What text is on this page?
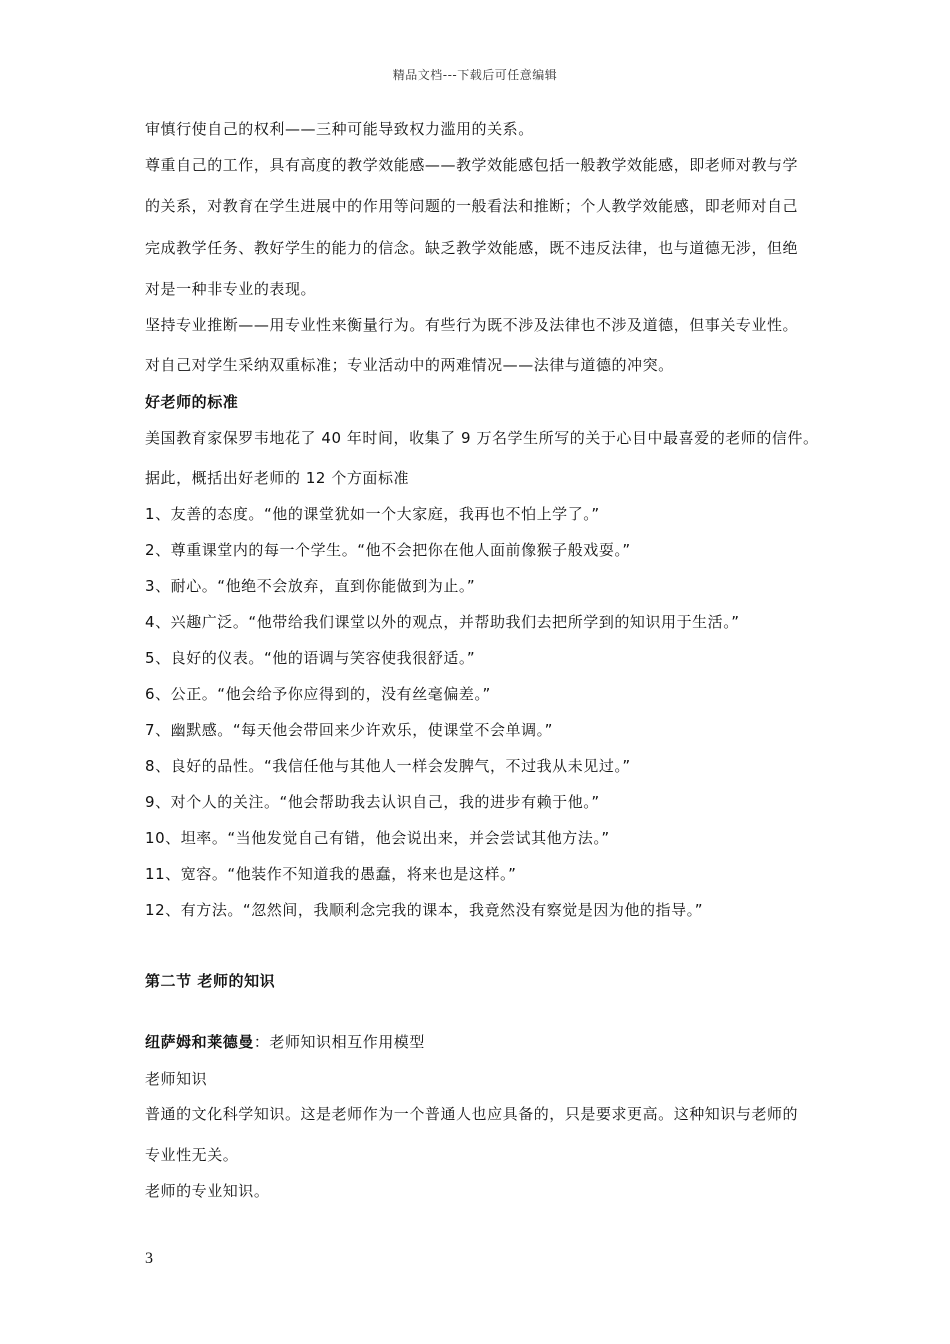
精品文档---下载后可任意编辑
审慎行使自己的权利——三种可能导致权力滥用的关系。
尊重自己的工作，具有高度的教学效能感——教学效能感包括一般教学效能感，即老师对教与学
的关系，对教育在学生进展中的作用等问题的一般看法和推断；个人教学效能感，即老师对自己
完成教学任务、教好学生的能力的信念。缺乏教学效能感，既不违反法律，也与道德无涉，但绝
对是一种非专业的表现。
坚持专业推断——用专业性来衡量行为。有些行为既不涉及法律也不涉及道德，但事关专业性。
对自己对学生采纳双重标准；专业活动中的两难情况——法律与道德的冲突。
好老师的标准
美国教育家保罗韦地花了 40 年时间，收集了 9 万名学生所写的关于心目中最喜爱的老师的信件。
据此，概括出好老师的 12 个方面标准
1、友善的态度。“他的课堂犹如一个大家庭，我再也不怕上学了。”
2、尊重课堂内的每一个学生。“他不会把你在他人面前像猴子般戏耍。”
3、耐心。“他绝不会放弃，直到你能做到为止。”
4、兴趣广泛。“他带给我们课堂以外的观点，并帮助我们去把所学到的知识用于生活。”
5、良好的仪表。“他的语调与笑容使我很舒适。”
6、公正。“他会给予你应得到的，没有丝毫偏差。”
7、幽默感。“每天他会带回来少许欢乐，使课堂不会单调。”
8、良好的品性。“我信任他与其他人一样会发脾气，不过我从未见过。”
9、对个人的关注。“他会帮助我去认识自己，我的进步有赖于他。”
10、坦率。“当他发觉自己有错，他会说出来，并会尝试其他方法。”
11、宽容。“他装作不知道我的愚蠢，将来也是这样。”
12、有方法。“忽然间，我顺利念完我的课本，我竟然没有察觉是因为他的指导。”
第二节 老师的知识
纽萨姆和莱德曼：老师知识相互作用模型
老师知识
普通的文化科学知识。这是老师作为一个普通人也应具备的，只是要求更高。这种知识与老师的
专业性无关。
老师的专业知识。
3
